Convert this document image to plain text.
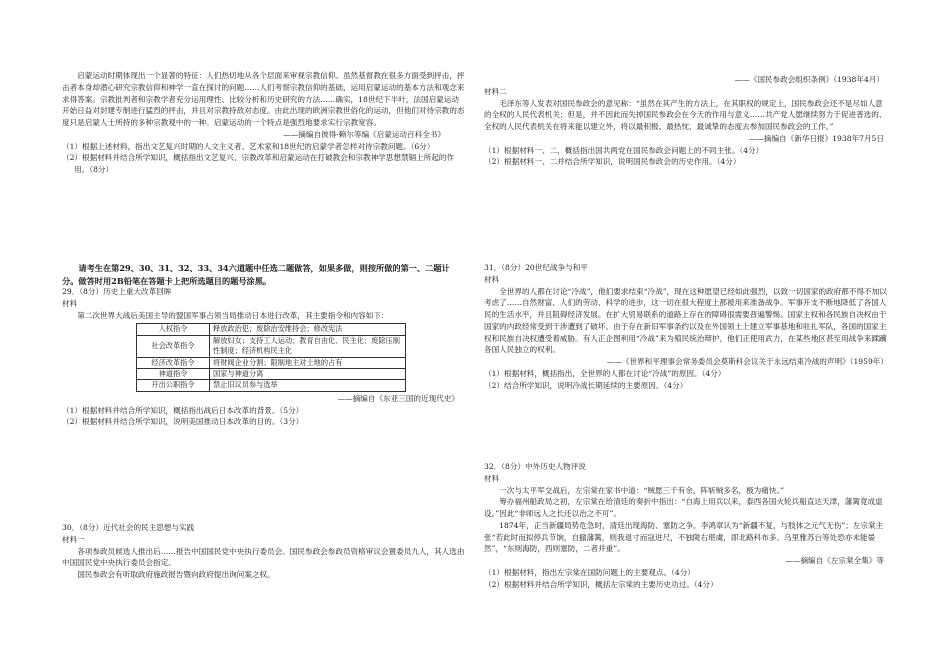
启蒙运动时期体现出一个显著的特征：人们热切地从各个层面来审视宗教信仰。虽然基督教在很多方面受到抨击，抨击者本身却潜心研究宗教信仰和神学一直在探讨的问题……人们考察宗教信仰的基础，运用启蒙运动的基本方法和观念来求得答案。宗教批判者和宗教学者充分运用理性、比较分析和历史研究的方法……确实，18世纪下半叶，法国启蒙运动开始日益对封建专制进行猛烈的抨击，并且对宗教持敌对态度。由此出现的欧洲宗教世俗化的运动，但他们对待宗教的态度只是启蒙人士所持的多种宗教观中的一种。启蒙运动的一个特点是强烈地要求实行宗教宽容。

——摘编自彼得·赖尔等编《启蒙运动百科全书》

（1）根据上述材料，指出文艺复兴时期的人文主义者、艺术家和18世纪的启蒙学者怎样对待宗教问题。（6分）

（2）根据材料并结合所学知识，概括指出文艺复兴、宗教改革和启蒙运动在打破教会和宗教神学思想禁锢上所起的作用。（8分）

请考生在第29、30、31、32、33、34六道题中任选二题做答，如果多做，则按所做的第一、二题计分。做答时用2B铅笔在答题卡上把所选题目的题号涂黑。

29．（8分）历史上重大改革回眸

材料

第二次世界大战后美国主导的盟国军事占领当局推动日本进行改革，其主要指令和内容如下：

人权指令	释放政治犯；废除治安维持会；修改宪法
社会改革指令	解放妇女；支持工人运动；教育自由化、民主化；废除压制性制度；经济机构民主化
经济改革指令	将财阀企业分割；限制地主对土地的占有
神道指令	国家与神道分离
开出公职指令	禁止旧议员参与选举

——摘编自《东亚三国的近现代史》

（1）根据材料并结合所学知识，概括指出战后日本改革的背景。（5分）

（2）根据材料并结合所学知识，说明美国推动日本改革的目的。（3分）

30．（8分）近代社会的民主思想与实践

材料一

各项参政员候选人推出后……报告中国国民党中央执行委员会。国民参政会参政员资格审议会置委员九人，其人选由中国国民党中央执行委员会指定。

国民参政会有听取政府施政报告暨向政府提出询问案之权。

——《国民参政会组织条例》（1938年4月）

材料二

毛泽东等人发表对国民参政会的意见称：“虽然在其产生的方法上，在其职权的规定上，国民参政会还不是尽如人意的全权的人民代表机关；但是，并不因此而失掉国民参政会在今天的作用与意义……共产党人愿继续努力于促进普选的、全权的人民代表机关在将来能以建立外，将以最积极、最热忱、最诚挚的态度去参加国民参政会的工作。”

——摘编自《新华日报》1938年7月5日

（1）根据材料一、二，概括指出国共两党在国民参政会问题上的不同主张。（4分）

（2）根据材料一、二并结合所学知识，说明国民参政会的历史作用。（4分）

31．（8分）20世纪战争与和平

材料

全世界的人都在讨论“冷战”，他们要求结束“冷战”，现在这种愿望已经如此强烈，以致一切国家的政府都不得不加以考虑了……自然财富、人们的劳动、科学的进步，这一切在很大程度上都被用来准备战争。军事开支不断地降低了各国人民的生活水平，并且阻碍经济发展。在扩大贸易联系的道路上存在的障碍很需要普遍警惕。国家主权和各民族自决权由于国家的内政经常受到干涉遭到了破坏。由于存在新旧军事条约以及在外国领土上建立军事基地和驻扎军队，各国的国家主权和民族自决权遭受着威胁。有人正企图利用“冷战”来为殖民统治辩护，他们正使用武力，在某些地区甚至用战争来蹂躏各国人民独立的权利。

——《世界和平理事会常务委员会莫斯科会议关于永远结束冷战的声明》（1959年）

（1）根据材料，概括指出，全世界的人都在讨论“冷战”的原因。（4分）

（2）结合所学知识，说明冷战长期延续的主要原因。（4分）

32．（8分）中外历史人物评说

材料

一次与太平军交战后，左宗棠在家书中道：“贼愿三千有余，阵斩贼多名，极为痛快。”

筹办福州船政局之初，左宗棠在给清廷的奏折中指出：“自海上用兵以来，泰西各国火轮兵船直达天津，藩篱竟成虚设。”因此“非师远人之长还以治之不可”。

1874年，正当新疆局势危急时，清廷出现海防、塞防之争。李鸿章认为“新疆不复，与肢体之元气无伤”；左宗棠主张“若此时而拟停兵节饷，自撤藩篱，则我退寸而寇进尺，不独陇右堪虞，即北路科布多、乌里雅苏台等处恐亦未能晏然”，“东则海防，西则塞防，二者并重”。

——摘编自《左宗棠全集》等

（1）根据材料，指出左宗棠在国防问题上的主要观点。（4分）

（2）根据材料并结合所学知识，概括左宗棠的主要历史功过。（4分）
